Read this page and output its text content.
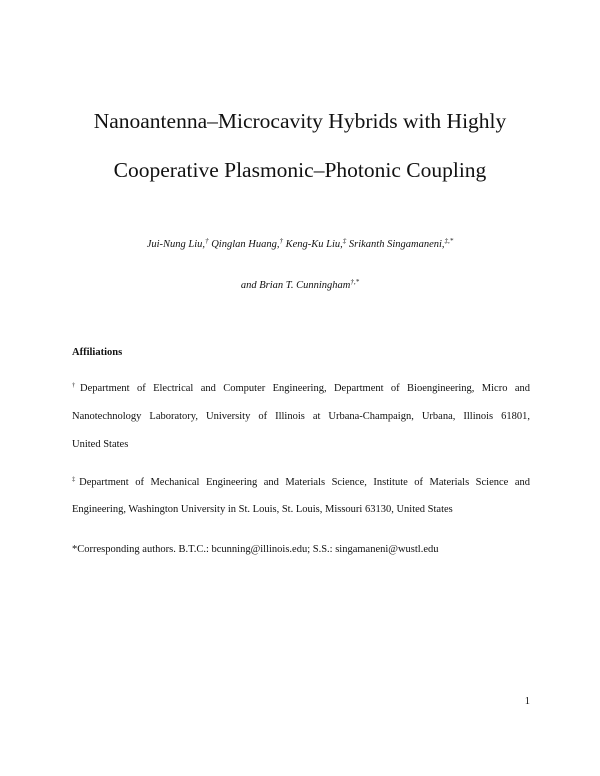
Nanoantenna–Microcavity Hybrids with Highly
Cooperative Plasmonic–Photonic Coupling
Jui-Nung Liu,† Qinglan Huang,† Keng-Ku Liu,‡ Srikanth Singamaneni,‡,*
and Brian T. Cunningham†,*
Affiliations
†Department of Electrical and Computer Engineering, Department of Bioengineering, Micro and
Nanotechnology Laboratory, University of Illinois at Urbana-Champaign, Urbana, Illinois 61801,
United States
‡Department of Mechanical Engineering and Materials Science, Institute of Materials Science and
Engineering, Washington University in St. Louis, St. Louis, Missouri 63130, United States
*Corresponding authors. B.T.C.: bcunning@illinois.edu; S.S.: singamaneni@wustl.edu
1
